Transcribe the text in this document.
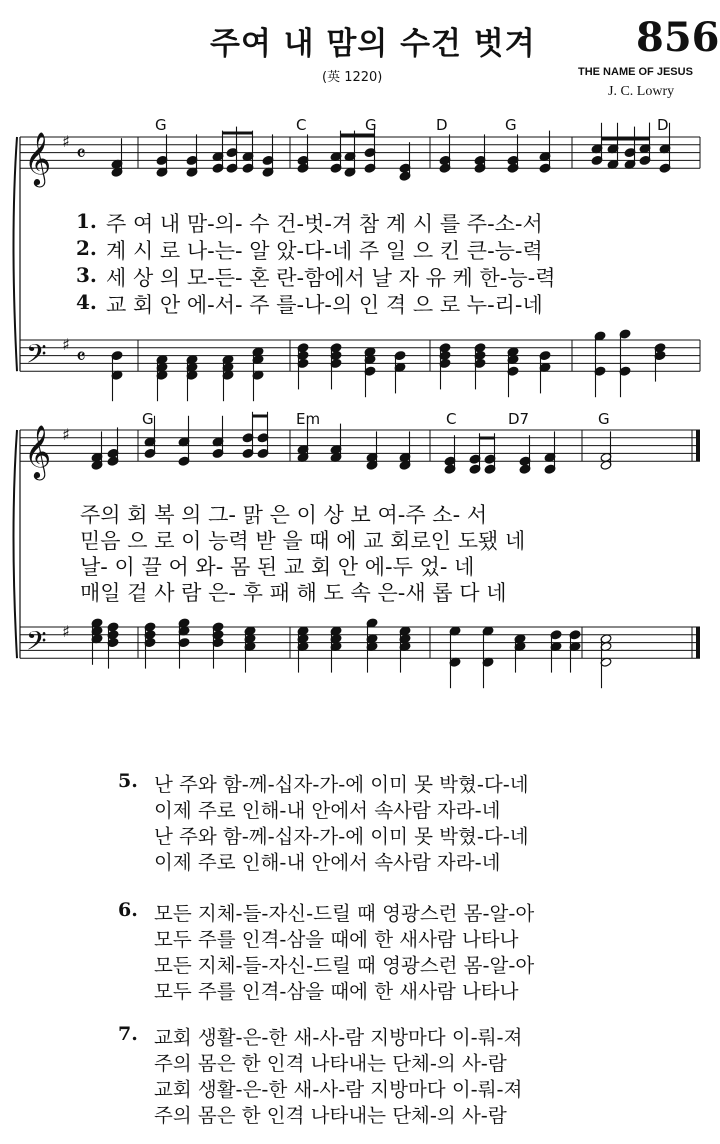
주여 내 맘의 수건 벗겨	856
(英 1220)	THE NAME OF JESUS
J. C. Lowry
𝄞
𝄢
♯
♯
𝄴
𝄴
𝄞
𝄢
♯
♯
G	C	G	D	G	D
1. 주 여 내 맘-의- 수 건-벗-겨 참 계 시 를 주-소-서
2. 계 시 로 나-는- 알 았-다-네 주 일 으 킨 큰-능-력
3. 세 상 의 모-든- 혼 란-함에서 날 자 유 케 한-능-력
4. 교 회 안 에-서- 주 를-나-의 인 격 으 로 누-리-네
G	Em	C	D7	G
주의 회 복 의 그- 맑 은 이 상 보 여-주 소- 서
믿음 으 로 이 능력 받 을 때 에 교 회로인 도됐 네
날- 이 끌 어 와- 몸 된 교 회 안 에-두 었- 네
매일 겉 사 람 은- 후 패 해 도 속 은-새 롭 다 네
5. 난 주와 함-께-십자-가-에 이미 못 박혔-다-네
이제 주로 인해-내 안에서 속사람 자라-네
난 주와 함-께-십자-가-에 이미 못 박혔-다-네
이제 주로 인해-내 안에서 속사람 자라-네
6. 모든 지체-들-자신-드릴 때 영광스런 몸-알-아
모두 주를 인격-삼을 때에 한 새사람 나타나
모든 지체-들-자신-드릴 때 영광스런 몸-알-아
모두 주를 인격-삼을 때에 한 새사람 나타나
7. 교회 생활-은-한 새-사-람 지방마다 이-뤄-져
주의 몸은 한 인격 나타내는 단체-의 사-람
교회 생활-은-한 새-사-람 지방마다 이-뤄-져
주의 몸은 한 인격 나타내는 단체-의 사-람
